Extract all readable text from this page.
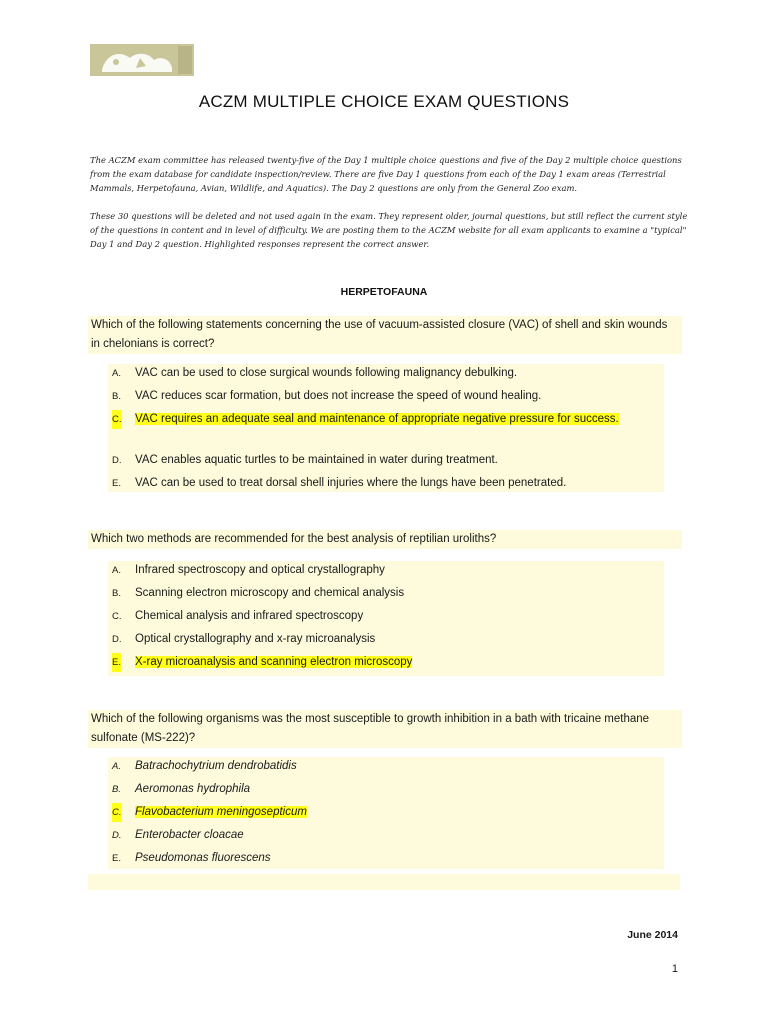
ACZM MULTIPLE CHOICE EXAM QUESTIONS

The ACZM exam committee has released twenty-five of the Day 1 multiple choice questions and five of the Day 2 multiple choice questions from the exam database for candidate inspection/review. There are five Day 1 questions from each of the Day 1 exam areas (Terrestrial Mammals, Herpetofauna, Avian, Wildlife, and Aquatics). The Day 2 questions are only from the General Zoo exam.

These 30 questions will be deleted and not used again in the exam. They represent older, journal questions, but still reflect the current style of the questions in content and in level of difficulty. We are posting them to the ACZM website for all exam applicants to examine a "typical" Day 1 and Day 2 question. Highlighted responses represent the correct answer.

HERPETOFAUNA
Which of the following statements concerning the use of vacuum-assisted closure (VAC) of shell and skin wounds in chelonians is correct?
A. VAC can be used to close surgical wounds following malignancy debulking.
B. VAC reduces scar formation, but does not increase the speed of wound healing.
C. VAC requires an adequate seal and maintenance of appropriate negative pressure for success.
D. VAC enables aquatic turtles to be maintained in water during treatment.
E. VAC can be used to treat dorsal shell injuries where the lungs have been penetrated.
Which two methods are recommended for the best analysis of reptilian uroliths?
A. Infrared spectroscopy and optical crystallography
B. Scanning electron microscopy and chemical analysis
C. Chemical analysis and infrared spectroscopy
D. Optical crystallography and x-ray microanalysis
E. X-ray microanalysis and scanning electron microscopy
Which of the following organisms was the most susceptible to growth inhibition in a bath with tricaine methane sulfonate (MS-222)?
A. Batrachochytrium dendrobatidis
B. Aeromonas hydrophila
C. Flavobacterium meningosepticum
D. Enterobacter cloacae
E. Pseudomonas fluorescens
June 2014
1
